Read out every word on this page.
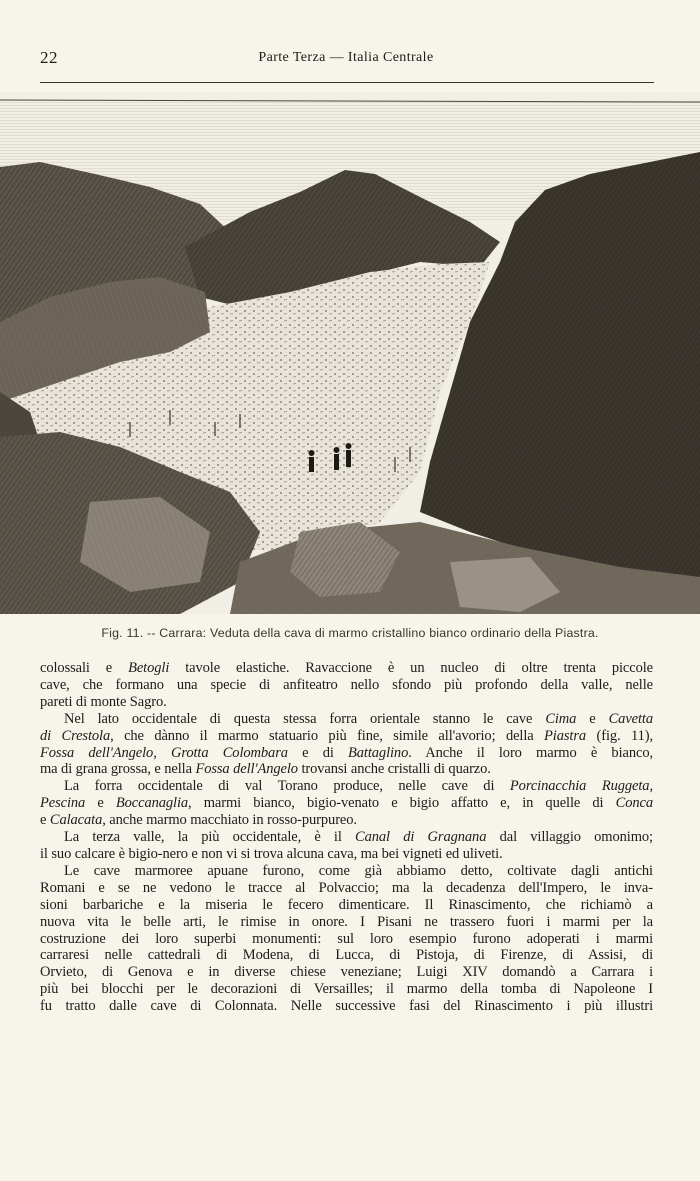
22	Parte Terza — Italia Centrale
Fig. 11. -- Carrara: Veduta della cava di marmo cristallino bianco ordinario della Piastra.

colossali e Betogli tavole elastiche. Ravaccione è un nucleo di oltre trenta piccole
cave, che formano una specie di anfiteatro nello sfondo più profondo della valle, nelle
pareti di monte Sagro.

Nel lato occidentale di questa stessa forra orientale stanno le cave Cima e Cavetta
di Crestola, che dànno il marmo statuario più fine, simile all'avorio; della Piastra (fig. 11),
Fossa dell'Angelo, Grotta Colombara e di Battaglino. Anche il loro marmo è bianco,
ma di grana grossa, e nella Fossa dell'Angelo trovansi anche cristalli di quarzo.

La forra occidentale di val Torano produce, nelle cave di Porcinacchia Ruggeta,
Pescina e Boccanaglia, marmi bianco, bigio-venato e bigio affatto e, in quelle di Conca
e Calacata, anche marmo macchiato in rosso-purpureo.

La terza valle, la più occidentale, è il Canal di Gragnana dal villaggio omonimo;
il suo calcare è bigio-nero e non vi si trova alcuna cava, ma bei vigneti ed uliveti.

Le cave marmoree apuane furono, come già abbiamo detto, coltivate dagli antichi
Romani e se ne vedono le tracce al Polvaccio; ma la decadenza dell'Impero, le inva-
sioni barbariche e la miseria le fecero dimenticare. Il Rinascimento, che richiamò a
nuova vita le belle arti, le rimise in onore. I Pisani ne trassero fuori i marmi per la
costruzione dei loro superbi monumenti: sul loro esempio furono adoperati i marmi
carraresi nelle cattedrali di Modena, di Lucca, di Pistoja, di Firenze, di Assisi, di
Orvieto, di Genova e in diverse chiese veneziane; Luigi XIV domandò a Carrara i
più bei blocchi per le decorazioni di Versailles; il marmo della tomba di Napoleone I
fu tratto dalle cave di Colonnata. Nelle successive fasi del Rinascimento i più illustri
